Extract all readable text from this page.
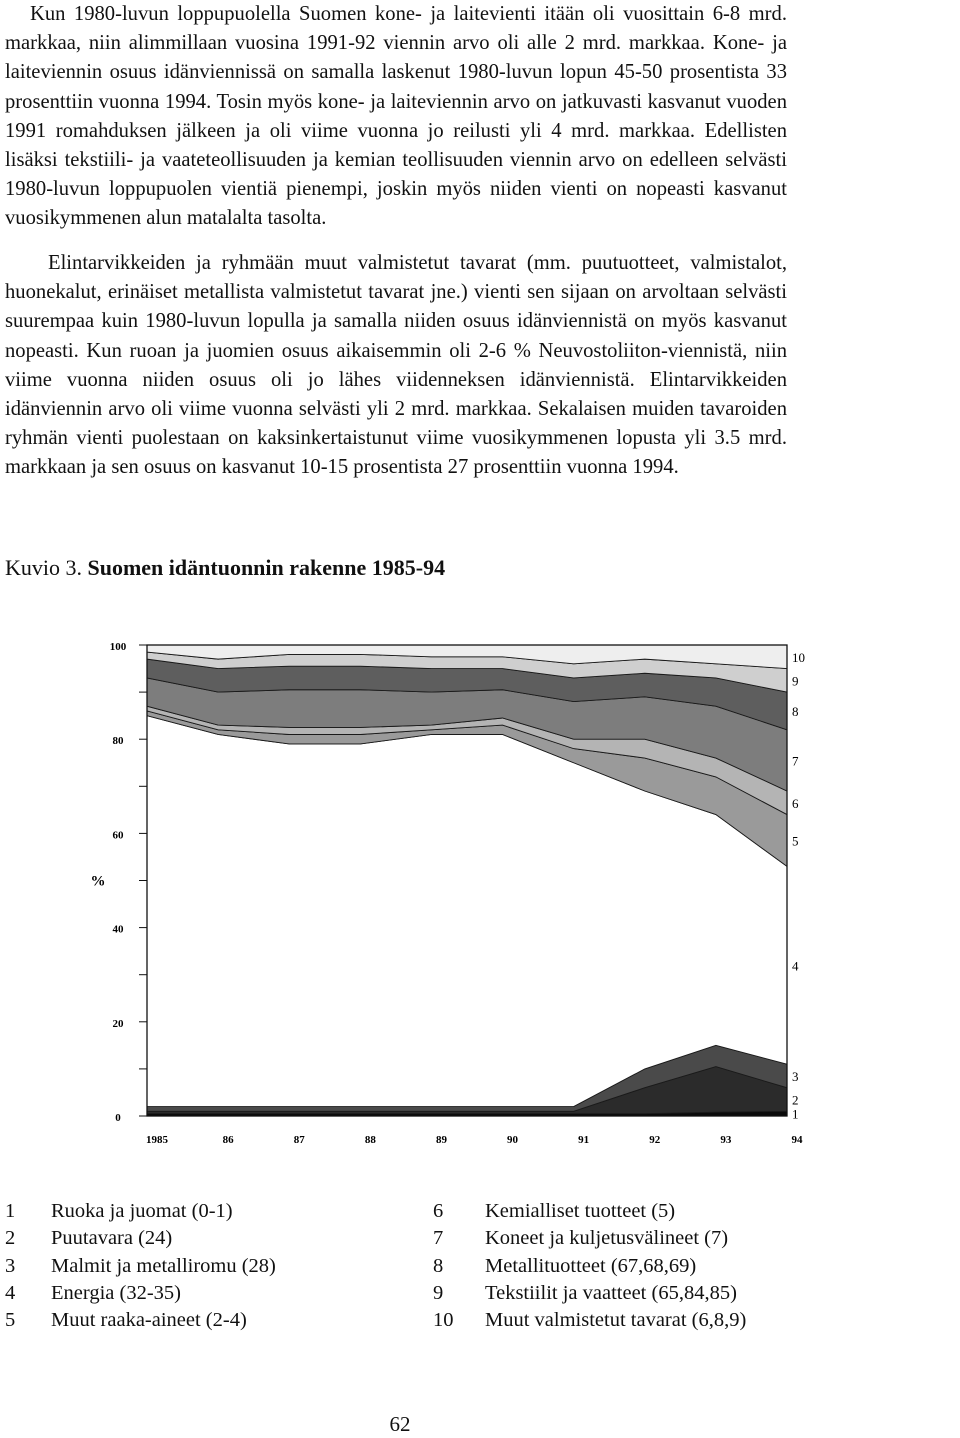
Kun 1980-luvun loppupuolella Suomen kone- ja laitevienti itään oli vuosittain 6-8 mrd. markkaa, niin alimmillaan vuosina 1991-92 viennin arvo oli alle 2 mrd. markkaa. Kone- ja laiteviennin osuus idänviennissä on samalla laskenut 1980-luvun lopun 45-50 prosentista 33 prosenttiin vuonna 1994. Tosin myös kone- ja laiteviennin arvo on jatkuvasti kasvanut vuoden 1991 romahduksen jälkeen ja oli viime vuonna jo reilusti yli 4 mrd. markkaa. Edellisten lisäksi tekstiili- ja vaateteollisuuden ja kemian teollisuuden viennin arvo on edelleen selvästi 1980-luvun loppupuolen vientiä pienempi, joskin myös niiden vienti on nopeasti kasvanut vuosikymmenen alun matalalta tasolta.

Elintarvikkeiden ja ryhmään muut valmistetut tavarat (mm. puutuotteet, valmistalot, huonekalut, erinäiset metallista valmistetut tavarat jne.) vienti sen sijaan on arvoltaan selvästi suurempaa kuin 1980-luvun lopulla ja samalla niiden osuus idänviennistä on myös kasvanut nopeasti. Kun ruoan ja juomien osuus aikaisemmin oli 2-6 % Neuvostoliiton-viennistä, niin viime vuonna niiden osuus oli jo lähes viidenneksen idänviennistä. Elintarvikkeiden idänviennin arvo oli viime vuonna selvästi yli 2 mrd. markkaa. Sekalaisen muiden tavaroiden ryhmän vienti puolestaan on kaksinkertaistunut viime vuosikymmenen lopusta yli 3.5 mrd. markkaan ja sen osuus on kasvanut 10-15 prosentista 27 prosenttiin vuonna 1994.

Kuvio 3. Suomen idäntuonnin rakenne 1985-94
0
20
40
60
80
100
1985	86	87	88	89	90	91	92	93	94
1
2
3
4
5
6
7
8
9
10
%
1 Ruoka ja juomat (0-1)
2 Puutavara (24)
3 Malmit ja metalliromu (28)
4 Energia (32-35)
5 Muut raaka-aineet (2-4)
6 Kemialliset tuotteet (5)
7 Koneet ja kuljetusvälineet (7)
8 Metallituotteet (67,68,69)
9 Tekstiilit ja vaatteet (65,84,85)
10 Muut valmistetut tavarat (6,8,9)
62
